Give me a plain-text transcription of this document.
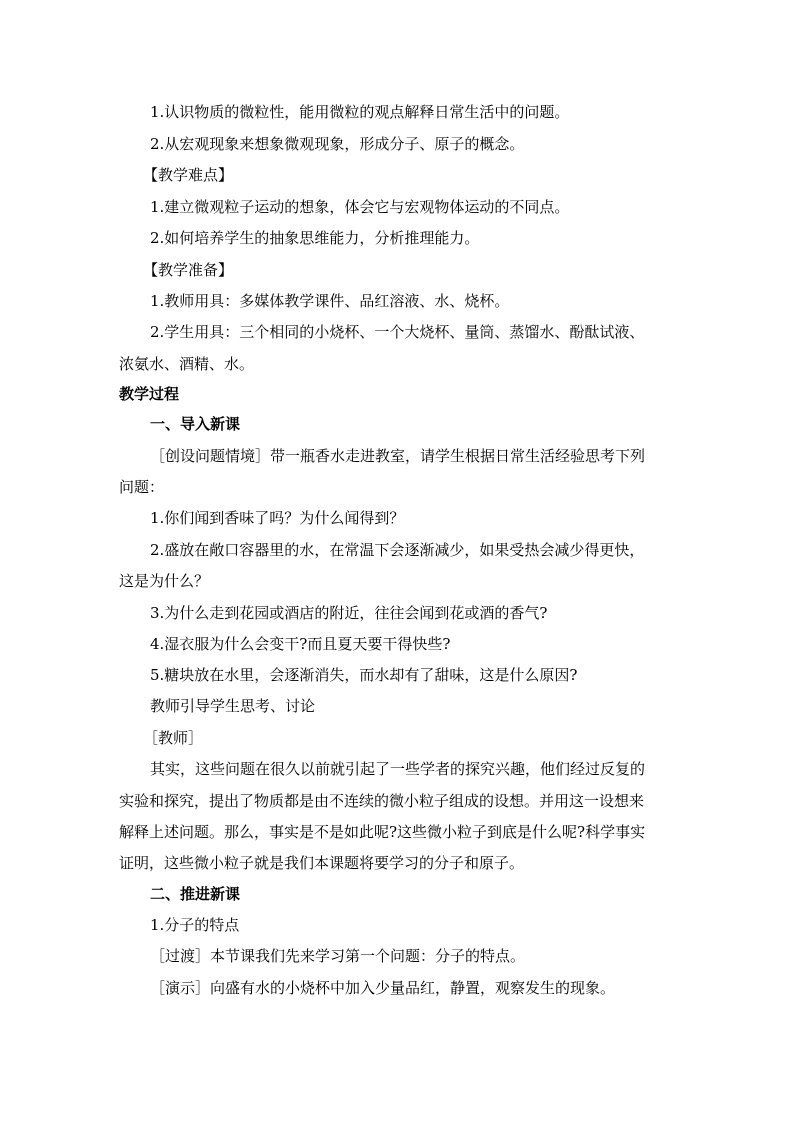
1.认识物质的微粒性，能用微粒的观点解释日常生活中的问题。
2.从宏观现象来想象微观现象，形成分子、原子的概念。
【教学难点】
1.建立微观粒子运动的想象，体会它与宏观物体运动的不同点。
2.如何培养学生的抽象思维能力，分析推理能力。
【教学准备】
1.教师用具：多媒体教学课件、品红溶液、水、烧杯。
2.学生用具：三个相同的小烧杯、一个大烧杯、量筒、蒸馏水、酚酞试液、
浓氨水、酒精、水。
教学过程
一、导入新课
［创设问题情境］带一瓶香水走进教室，请学生根据日常生活经验思考下列
问题：
1.你们闻到香味了吗？为什么闻得到？
2.盛放在敞口容器里的水，在常温下会逐渐减少，如果受热会减少得更快，
这是为什么？
3.为什么走到花园或酒店的附近，往往会闻到花或酒的香气?
4.湿衣服为什么会变干?而且夏天要干得快些?
5.糖块放在水里，会逐渐消失，而水却有了甜味，这是什么原因?
教师引导学生思考、讨论
［教师］
其实，这些问题在很久以前就引起了一些学者的探究兴趣，他们经过反复的
实验和探究，提出了物质都是由不连续的微小粒子组成的设想。并用这一设想来
解释上述问题。那么，事实是不是如此呢?这些微小粒子到底是什么呢?科学事实
证明，这些微小粒子就是我们本课题将要学习的分子和原子。
二、推进新课
1.分子的特点
［过渡］本节课我们先来学习第一个问题：分子的特点。
［演示］向盛有水的小烧杯中加入少量品红，静置，观察发生的现象。
